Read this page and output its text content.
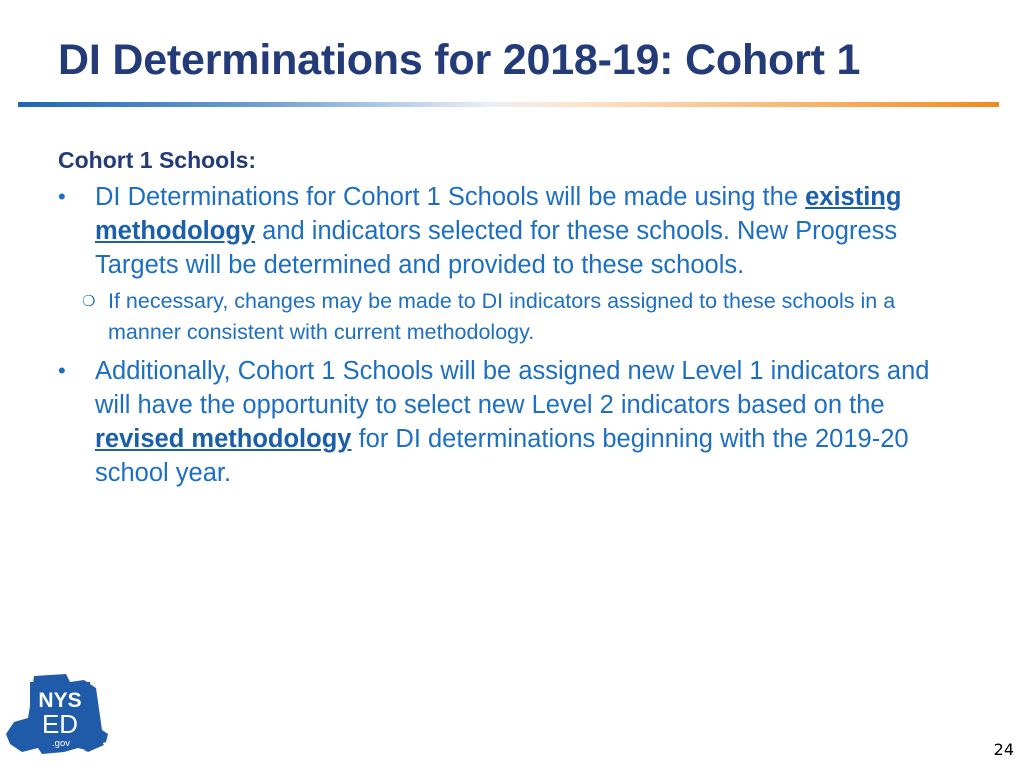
DI Determinations for 2018-19: Cohort 1
Cohort 1 Schools:
•	DI Determinations for Cohort 1 Schools will be made using the existing methodology and indicators selected for these schools. New Progress Targets will be determined and provided to these schools.
❍ If necessary, changes may be made to DI indicators assigned to these schools in a manner consistent with current methodology.
•	Additionally, Cohort 1 Schools will be assigned new Level 1 indicators and will have the opportunity to select new Level 2 indicators based on the revised methodology for DI determinations beginning with the 2019-20 school year.
NYS
ED
.gov	24
